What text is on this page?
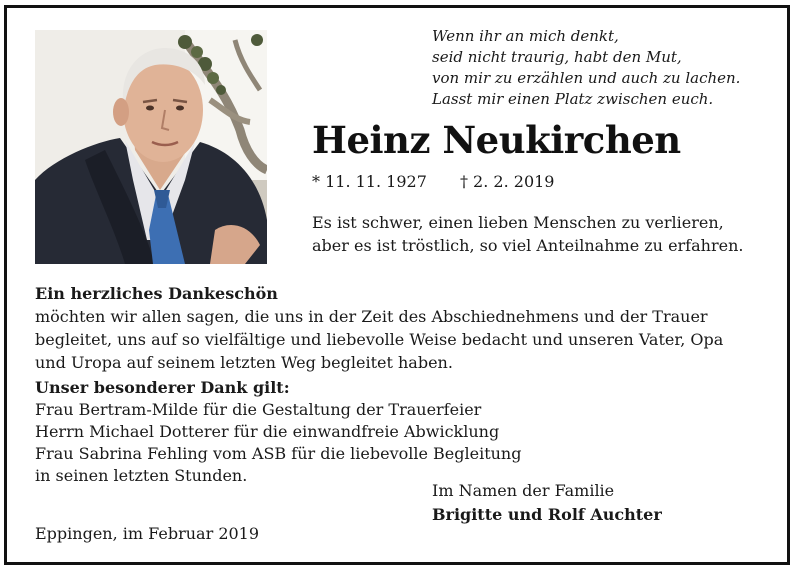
Wenn ihr an mich denkt,
seid nicht traurig, habt den Mut,
von mir zu erzählen und auch zu lachen.
Lasst mir einen Platz zwischen euch.
Heinz Neukirchen
* 11. 11. 1927 † 2. 2. 2019
Es ist schwer, einen lieben Menschen zu verlieren,
aber es ist tröstlich, so viel Anteilnahme zu erfahren.
Ein herzliches Dankeschön
möchten wir allen sagen, die uns in der Zeit des Abschiednehmens und der Trauer
begleitet, uns auf so vielfältige und liebevolle Weise bedacht und unseren Vater, Opa
und Uropa auf seinem letzten Weg begleitet haben.
Unser besonderer Dank gilt:
Frau Bertram-Milde für die Gestaltung der Trauerfeier
Herrn Michael Dotterer für die einwandfreie Abwicklung
Frau Sabrina Fehling vom ASB für die liebevolle Begleitung
in seinen letzten Stunden.
Im Namen der Familie
Brigitte und Rolf Auchter
Eppingen, im Februar 2019
